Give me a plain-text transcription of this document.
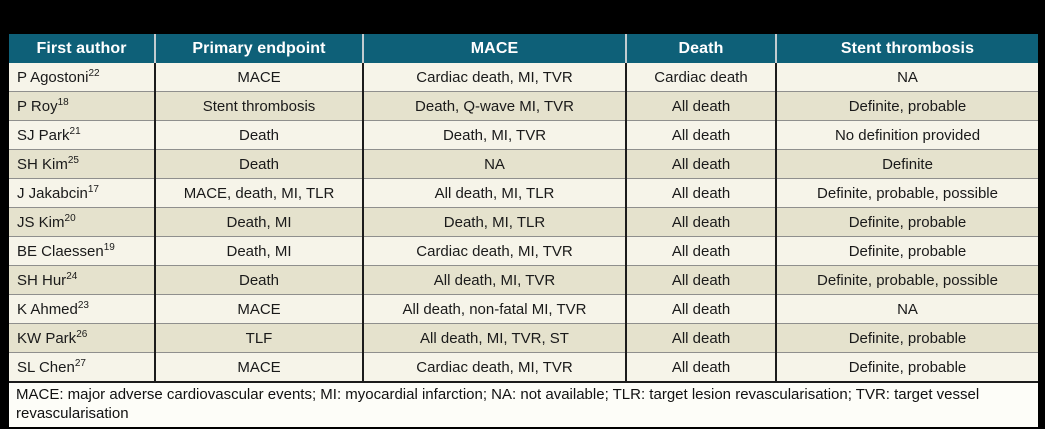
First author	Primary endpoint	MACE	Death	Stent thrombosis
P Agostoni$^{22}$	MACE	Cardiac death, MI, TVR	Cardiac death	NA
P Roy$^{18}$	Stent thrombosis	Death, Q-wave MI, TVR	All death	Definite, probable
SJ Park$^{21}$	Death	Death, MI, TVR	All death	No definition provided
SH Kim$^{25}$	Death	NA	All death	Definite
J Jakabcin$^{17}$	MACE, death, MI, TLR	All death, MI, TLR	All death	Definite, probable, possible
JS Kim$^{20}$	Death, MI	Death, MI, TLR	All death	Definite, probable
BE Claessen$^{19}$	Death, MI	Cardiac death, MI, TVR	All death	Definite, probable
SH Hur$^{24}$	Death	All death, MI, TVR	All death	Definite, probable, possible
K Ahmed$^{23}$	MACE	All death, non-fatal MI, TVR	All death	NA
KW Park$^{26}$	TLF	All death, MI, TVR, ST	All death	Definite, probable
SL Chen$^{27}$	MACE	Cardiac death, MI, TVR	All death	Definite, probable
MACE: major adverse cardiovascular events; MI: myocardial infarction; NA: not available; TLR: target lesion revascularisation; TVR: target vessel revascularisation
